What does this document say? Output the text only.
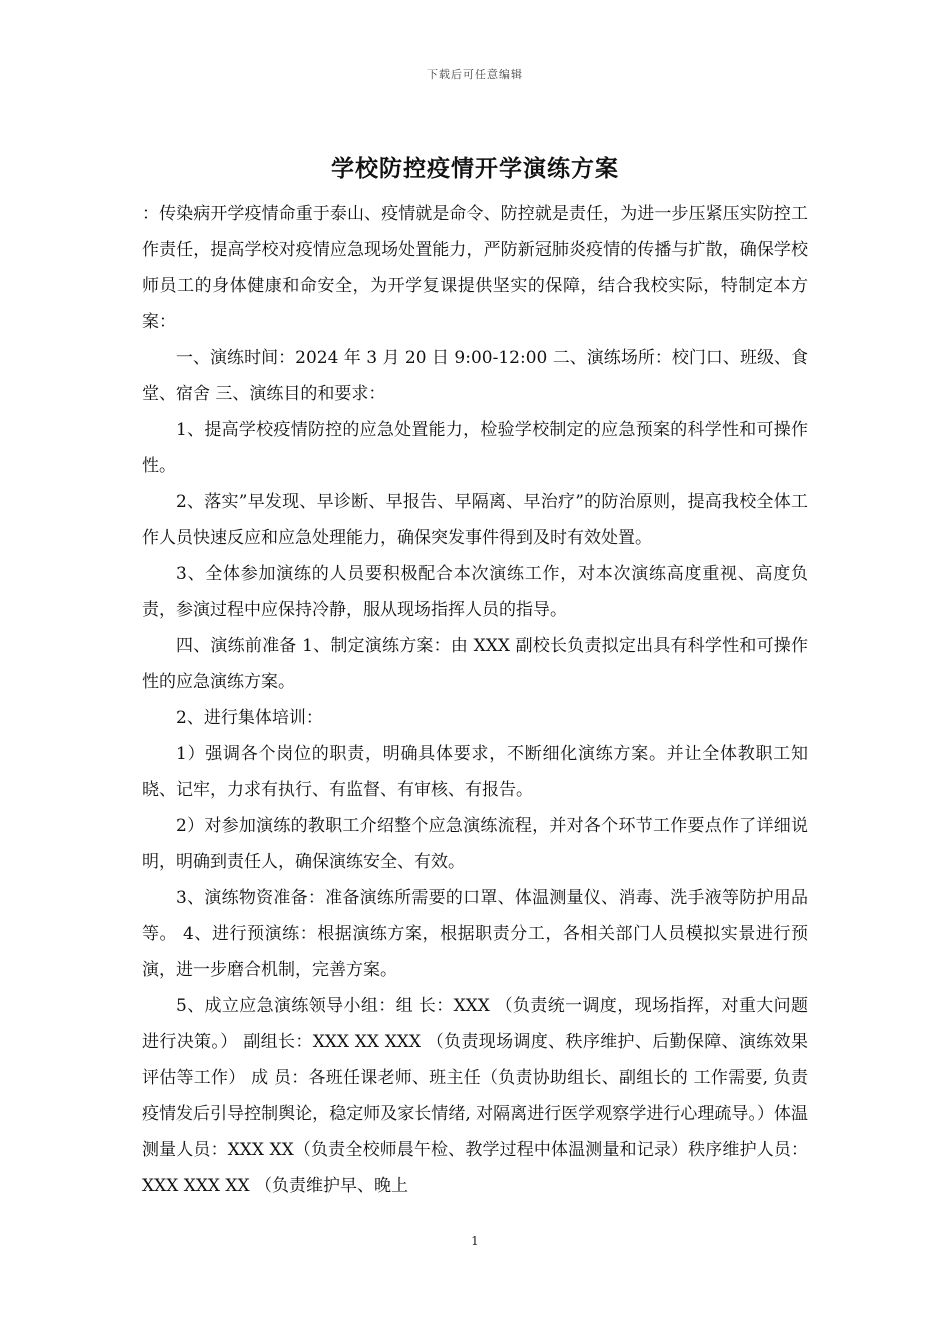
下载后可任意编辑
学校防控疫情开学演练方案

：传染病开学疫情命重于泰山、疫情就是命令、防控就是责任，为进一步压紧压实防控工作责任，提高学校对疫情应急现场处置能力，严防新冠肺炎疫情的传播与扩散，确保学校师员工的身体健康和命安全，为开学复课提供坚实的保障，结合我校实际，特制定本方案：

一、演练时间：2024 年 3 月 20 日 9:00-12:00 二、演练场所：校门口、班级、食堂、宿舍 三、演练目的和要求：

1、提高学校疫情防控的应急处置能力，检验学校制定的应急预案的科学性和可操作性。

2、落实”早发现、早诊断、早报告、早隔离、早治疗”的防治原则，提高我校全体工作人员快速反应和应急处理能力，确保突发事件得到及时有效处置。

3、全体参加演练的人员要积极配合本次演练工作，对本次演练高度重视、高度负责，参演过程中应保持冷静，服从现场指挥人员的指导。

四、演练前准备 1、制定演练方案：由 XXX 副校长负责拟定出具有科学性和可操作性的应急演练方案。

2、进行集体培训：

1）强调各个岗位的职责，明确具体要求，不断细化演练方案。并让全体教职工知晓、记牢，力求有执行、有监督、有审核、有报告。

2）对参加演练的教职工介绍整个应急演练流程，并对各个环节工作要点作了详细说明，明确到责任人，确保演练安全、有效。

3、演练物资准备：准备演练所需要的口罩、体温测量仪、消毒、洗手液等防护用品等。 4、进行预演练：根据演练方案，根据职责分工，各相关部门人员模拟实景进行预演，进一步磨合机制，完善方案。

5、成立应急演练领导小组：组 长：XXX （负责统一调度，现场指挥，对重大问题进行决策。） 副组长：XXX XX XXX （负责现场调度、秩序维护、后勤保障、演练效果评估等工作） 成 员：各班任课老师、班主任（负责协助组长、副组长的 工作需要, 负责疫情发后引导控制舆论，稳定师及家长情绪, 对隔离进行医学观察学进行心理疏导。）体温测量人员：XXX XX（负责全校师晨午检、教学过程中体温测量和记录）秩序维护人员：XXX XXX XX （负责维护早、晚上

1
